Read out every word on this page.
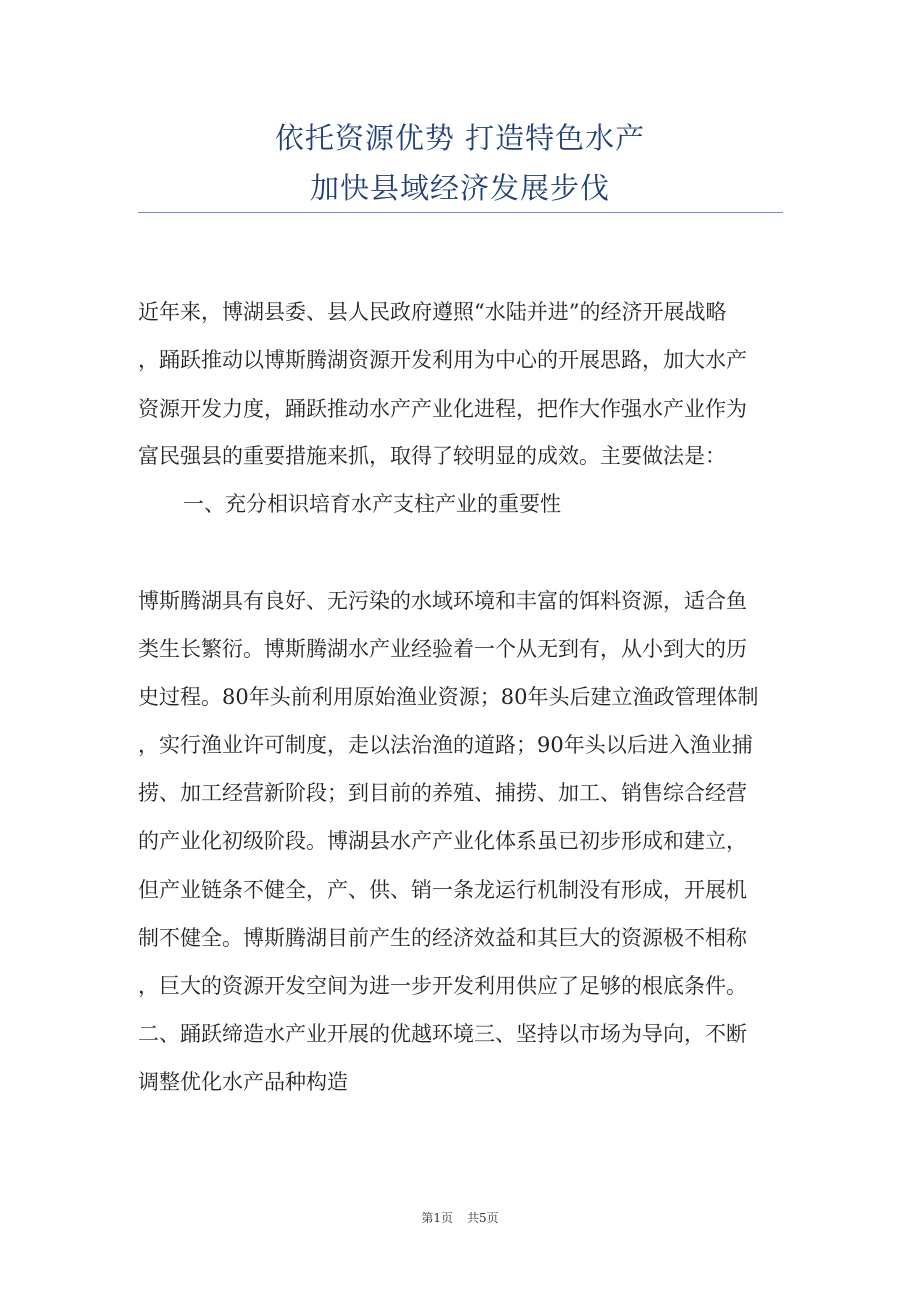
依托资源优势 打造特色水产
加快县域经济发展步伐
近年来，博湖县委、县人民政府遵照“水陆并进”的经济开展战略
，踊跃推动以博斯腾湖资源开发利用为中心的开展思路，加大水产
资源开发力度，踊跃推动水产产业化进程，把作大作强水产业作为
富民强县的重要措施来抓，取得了较明显的成效。主要做法是：
一、充分相识培育水产支柱产业的重要性
博斯腾湖具有良好、无污染的水域环境和丰富的饵料资源，适合鱼
类生长繁衍。博斯腾湖水产业经验着一个从无到有，从小到大的历
史过程。80年头前利用原始渔业资源；80年头后建立渔政管理体制
，实行渔业许可制度，走以法治渔的道路；90年头以后进入渔业捕
捞、加工经营新阶段；到目前的养殖、捕捞、加工、销售综合经营
的产业化初级阶段。博湖县水产产业化体系虽已初步形成和建立，
但产业链条不健全，产、供、销一条龙运行机制没有形成，开展机
制不健全。博斯腾湖目前产生的经济效益和其巨大的资源极不相称
，巨大的资源开发空间为进一步开发利用供应了足够的根底条件。
二、踊跃缔造水产业开展的优越环境三、坚持以市场为导向，不断
调整优化水产品种构造
第1页 共5页
